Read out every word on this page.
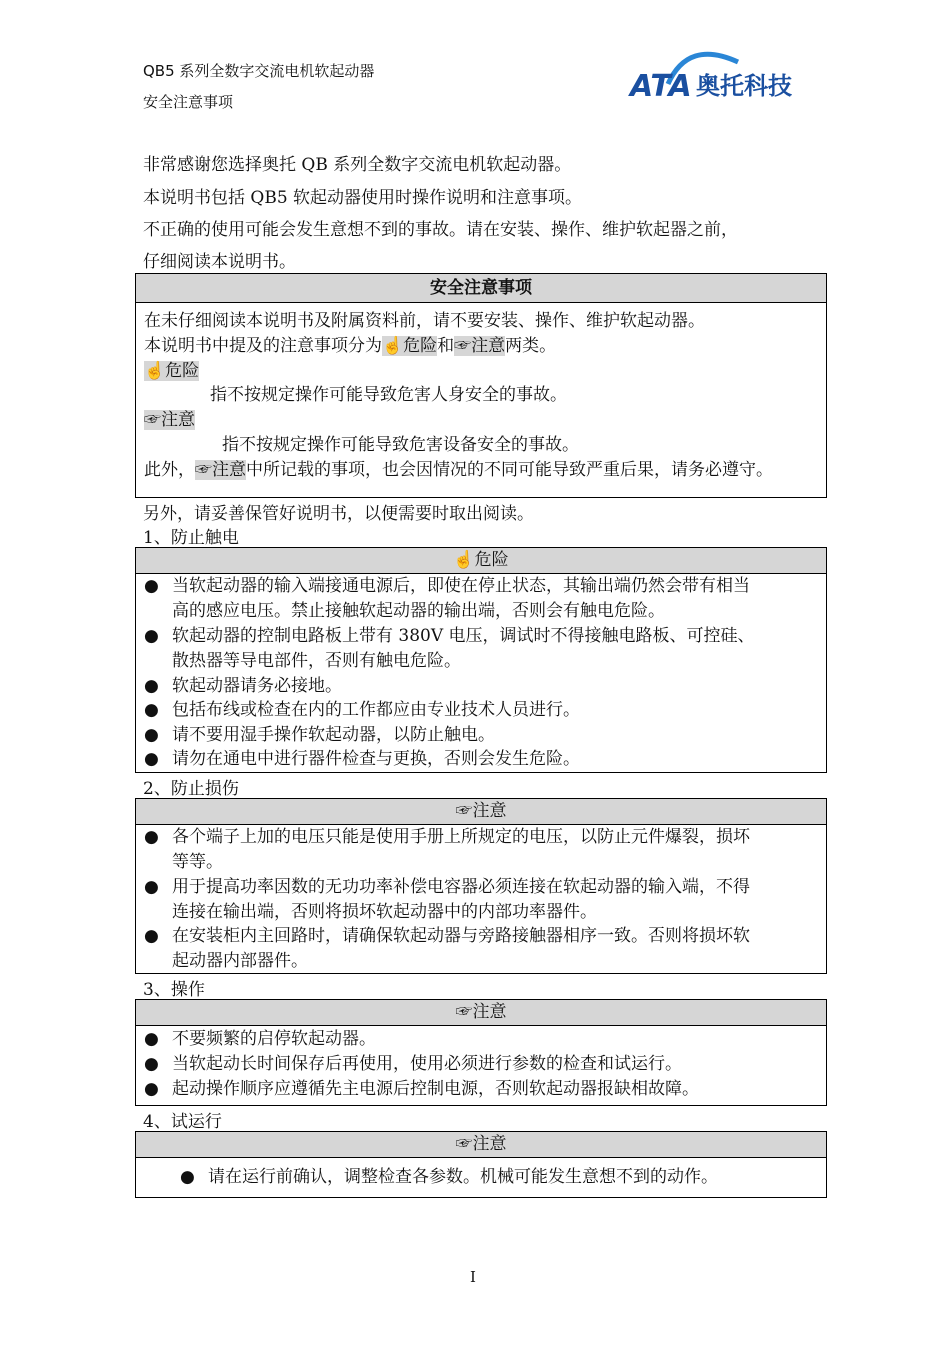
QB5 系列全数字交流电机软起动器
安全注意事项	ATA 奥托科技
非常感谢您选择奥托 QB 系列全数字交流电机软起动器。
本说明书包括 QB5 软起动器使用时操作说明和注意事项。
不正确的使用可能会发生意想不到的事故。请在安装、操作、维护软起器之前，
仔细阅读本说明书。
安全注意事项
在未仔细阅读本说明书及附属资料前，请不要安装、操作、维护软起动器。
本说明书中提及的注意事项分为☝危险和☞注意两类。
☝危险
指不按规定操作可能导致危害人身安全的事故。
☞注意
指不按规定操作可能导致危害设备安全的事故。
此外，☞注意中所记载的事项，也会因情况的不同可能导致严重后果，请务必遵守。
另外，请妥善保管好说明书，以便需要时取出阅读。
1、防止触电
☝危险
● 当软起动器的输入端接通电源后，即使在停止状态，其输出端仍然会带有相当
高的感应电压。禁止接触软起动器的输出端，否则会有触电危险。
● 软起动器的控制电路板上带有 380V 电压，调试时不得接触电路板、可控硅、
散热器等导电部件，否则有触电危险。
● 软起动器请务必接地。
● 包括布线或检查在内的工作都应由专业技术人员进行。
● 请不要用湿手操作软起动器，以防止触电。
● 请勿在通电中进行器件检查与更换，否则会发生危险。
2、防止损伤
☞注意
● 各个端子上加的电压只能是使用手册上所规定的电压，以防止元件爆裂，损坏
等等。
● 用于提高功率因数的无功功率补偿电容器必须连接在软起动器的输入端，不得
连接在输出端，否则将损坏软起动器中的内部功率器件。
● 在安装柜内主回路时，请确保软起动器与旁路接触器相序一致。否则将损坏软
起动器内部器件。
3、操作
☞注意
● 不要频繁的启停软起动器。
● 当软起动长时间保存后再使用，使用必须进行参数的检查和试运行。
● 起动操作顺序应遵循先主电源后控制电源，否则软起动器报缺相故障。
4、试运行
☞注意
● 请在运行前确认，调整检查各参数。机械可能发生意想不到的动作。
I
